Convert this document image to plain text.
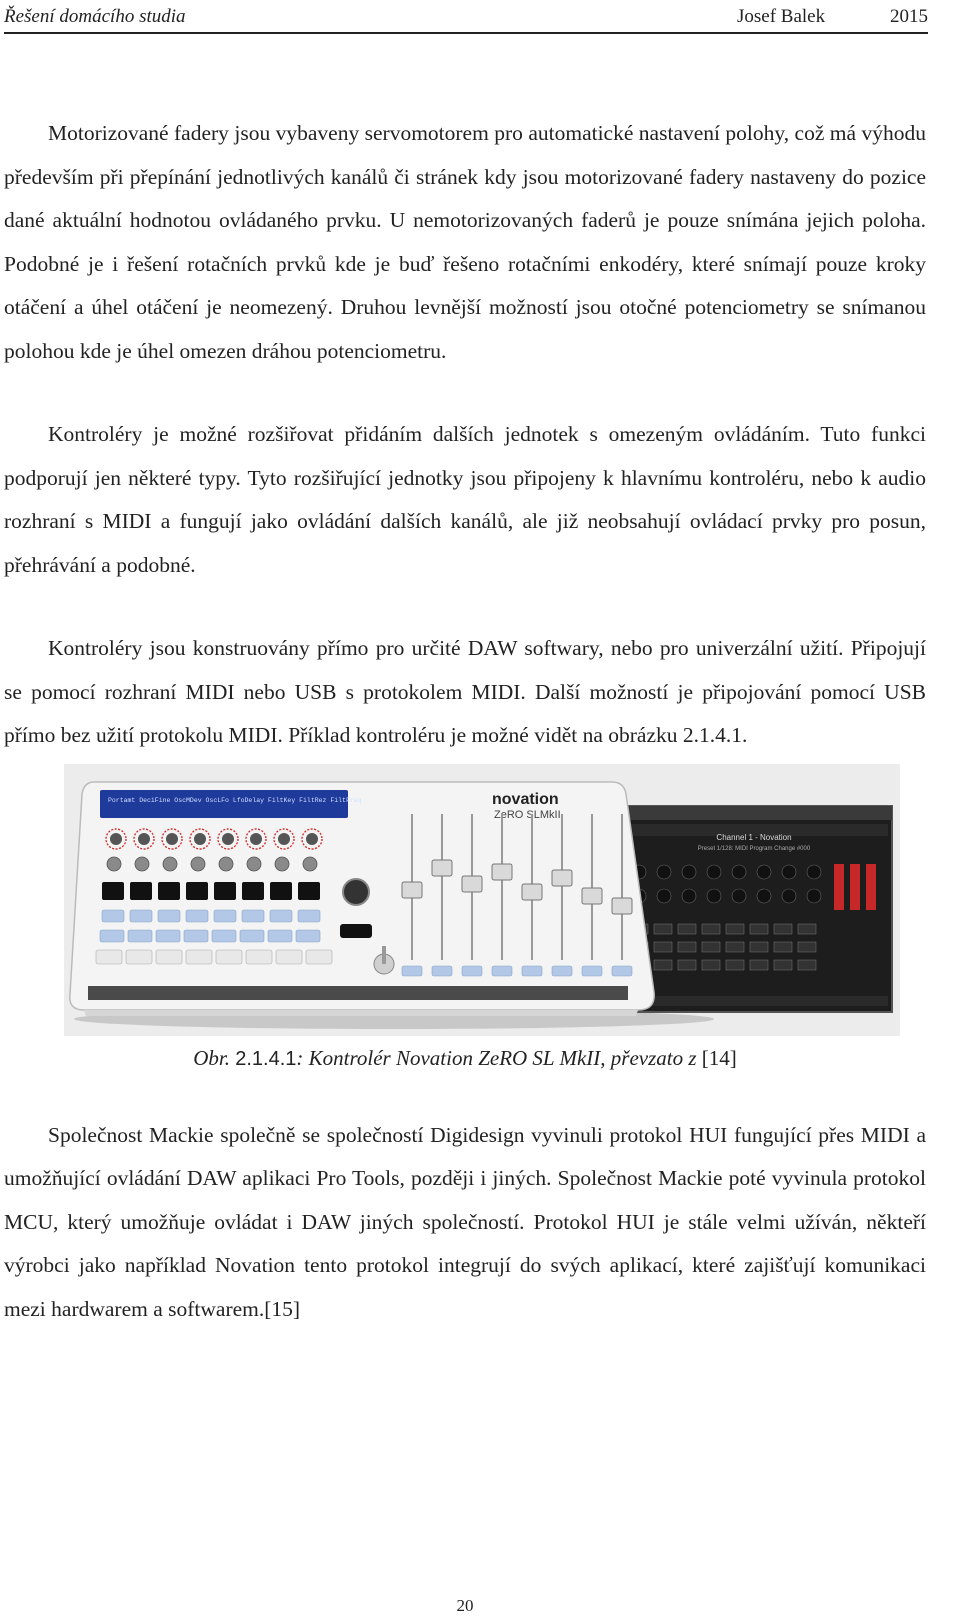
Řešení domácího studia	Josef Balek	2015

Motorizované fadery jsou vybaveny servomotorem pro automatické nastavení polohy, což má výhodu především při přepínání jednotlivých kanálů či stránek kdy jsou motorizované fadery nastaveny do pozice dané aktuální hodnotou ovládaného prvku. U nemotorizovaných faderů je pouze snímána jejich poloha. Podobné je i řešení rotačních prvků kde je buď řešeno rotačními enkodéry, které snímají pouze kroky otáčení a úhel otáčení je neomezený. Druhou levnější možností jsou otočné potenciometry se snímanou polohou kde je úhel omezen dráhou potenciometru.

Kontroléry je možné rozšiřovat přidáním dalších jednotek s omezeným ovládáním. Tuto funkci podporují jen některé typy. Tyto rozšiřující jednotky jsou připojeny k hlavnímu kontroléru, nebo k audio rozhraní s MIDI a fungují jako ovládání dalších kanálů, ale již neobsahují ovládací prvky pro posun, přehrávání a podobné.

Kontroléry jsou konstruovány přímo pro určité DAW softwary, nebo pro univerzální užití. Připojují se pomocí rozhraní MIDI nebo USB s protokolem MIDI. Další možností je připojování pomocí USB přímo bez užití protokolu MIDI. Příklad kontroléru je možné vidět na obrázku 2.1.4.1.

Channel 1 - Novation
Preset 1/128: MIDI Program Change #000
Portamt DeciFine OscMDev OscLFo LfoDelay FiltKey FiltRez FiltFreq	novation
ZeRO SLMkII
Obr. 2.1.4.1: Kontrolér Novation ZeRO SL MkII, převzato z [14]

Společnost Mackie společně se společností Digidesign vyvinuli protokol HUI fungující přes MIDI a umožňující ovládání DAW aplikaci Pro Tools, později i jiných. Společnost Mackie poté vyvinula protokol MCU, který umožňuje ovládat i DAW jiných společností. Protokol HUI je stále velmi užíván, někteří výrobci jako například Novation tento protokol integrují do svých aplikací, které zajišťují komunikaci mezi hardwarem a softwarem.[15]

20
